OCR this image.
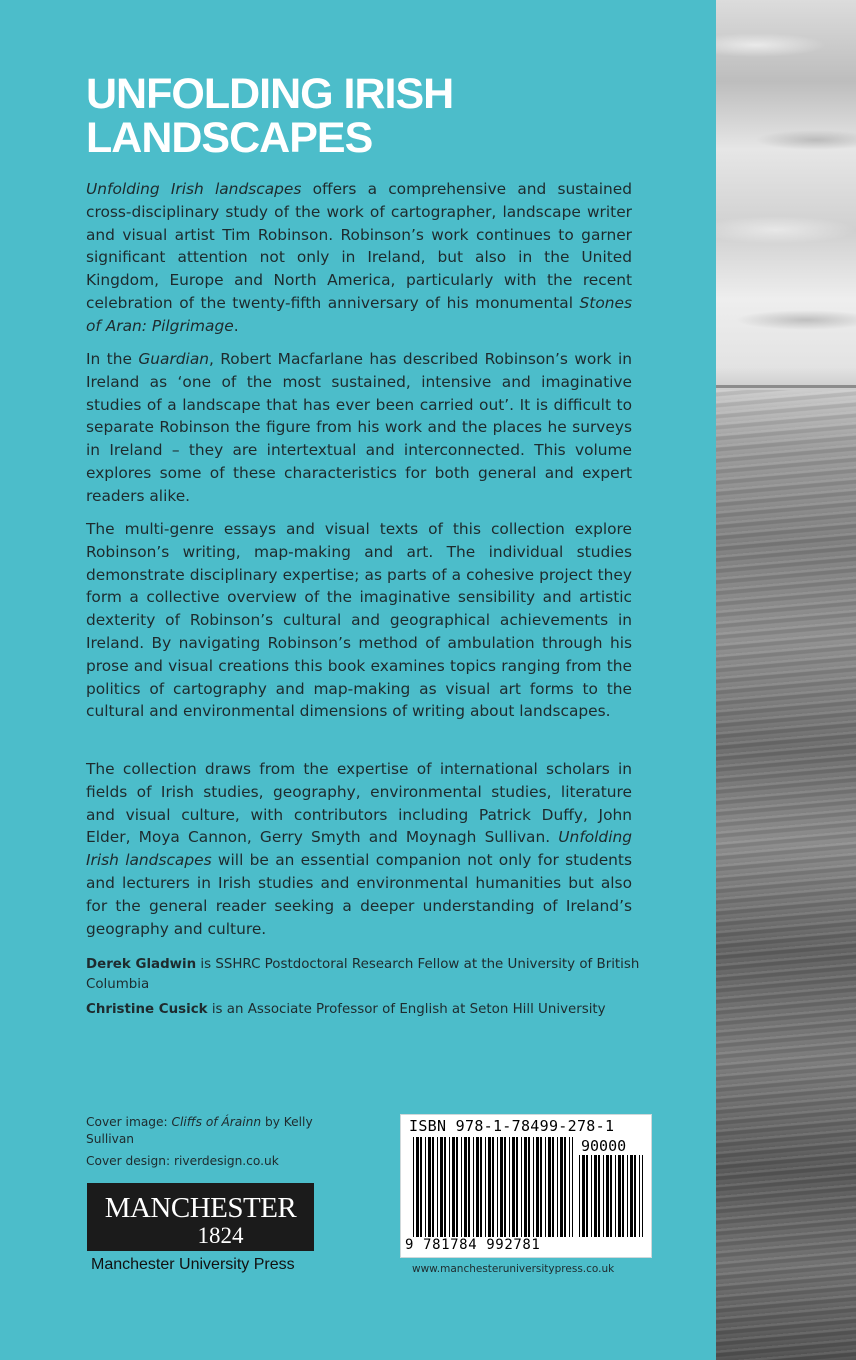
UNFOLDING IRISH
LANDSCAPES

Unfolding Irish landscapes offers a comprehensive and sustained cross-disciplinary study of the work of cartographer, landscape writer and visual artist Tim Robinson. Robinson’s work continues to garner significant attention not only in Ireland, but also in the United Kingdom, Europe and North America, particularly with the recent celebration of the twenty-fifth anniversary of his monumental Stones of Aran: Pilgrimage.

In the Guardian, Robert Macfarlane has described Robinson’s work in Ireland as ‘one of the most sustained, intensive and imaginative studies of a landscape that has ever been carried out’. It is difficult to separate Robinson the figure from his work and the places he surveys in Ireland – they are intertextual and interconnected. This volume explores some of these characteristics for both general and expert readers alike.

The multi-genre essays and visual texts of this collection explore Robinson’s writing, map-making and art. The individual studies demonstrate disciplinary expertise; as parts of a cohesive project they form a collective overview of the imaginative sensibility and artistic dexterity of Robinson’s cultural and geographical achievements in Ireland. By navigating Robinson’s method of ambulation through his prose and visual creations this book examines topics ranging from the politics of cartography and map-making as visual art forms to the cultural and environmental dimensions of writing about landscapes.

The collection draws from the expertise of international scholars in fields of Irish studies, geography, environmental studies, literature and visual culture, with contributors including Patrick Duffy, John Elder, Moya Cannon, Gerry Smyth and Moynagh Sullivan. Unfolding Irish landscapes will be an essential companion not only for students and lecturers in Irish studies and environmental humanities but also for the general reader seeking a deeper understanding of Ireland’s geography and culture.

Derek Gladwin is SSHRC Postdoctoral Research Fellow at the University of British Columbia
Christine Cusick is an Associate Professor of English at Seton Hill University
Cover image: Cliffs of Árainn by Kelly Sullivan
Cover design: riverdesign.co.uk
MANCHESTER
1824
Manchester University Press
ISBN 978-1-78499-278-1
90000
9 781784 992781
www.manchesteruniversitypress.co.uk
